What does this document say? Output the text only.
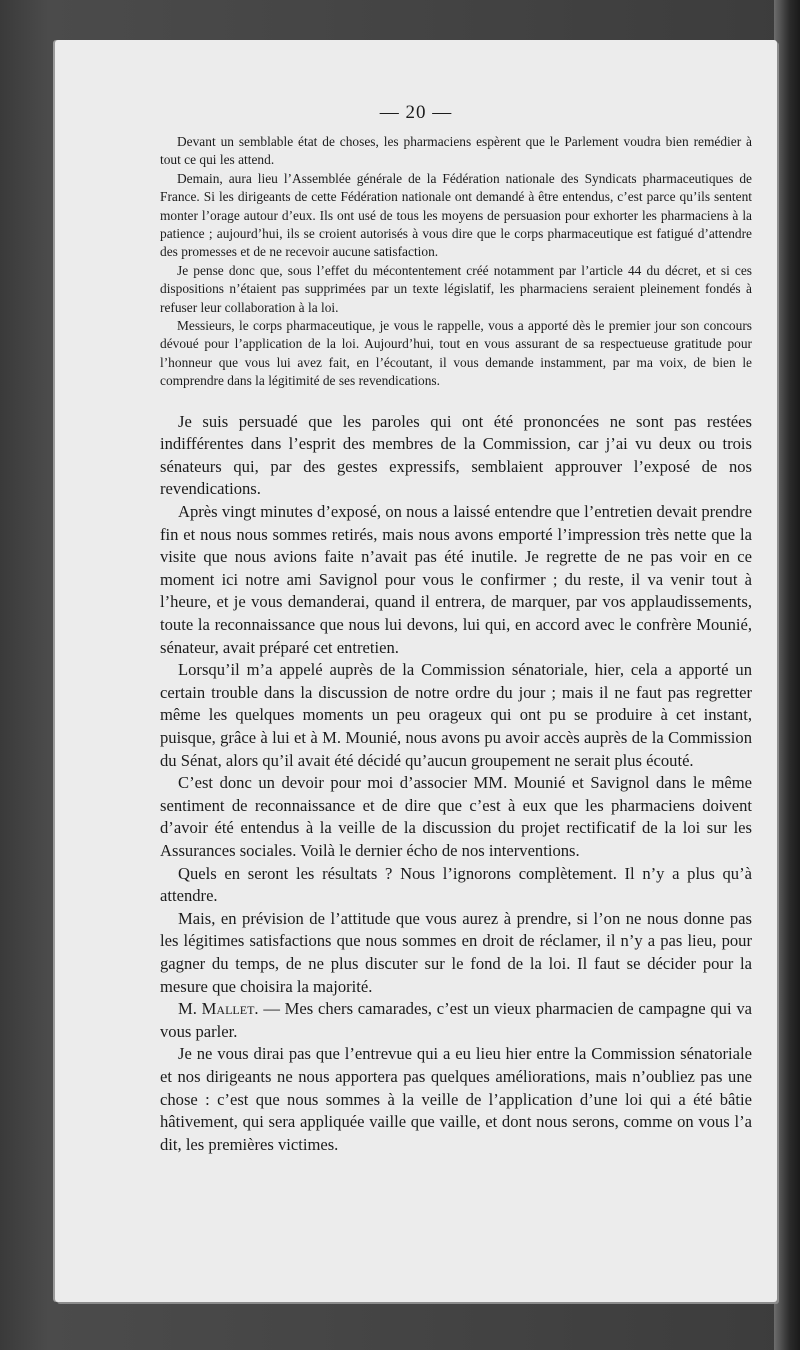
— 20 —

Devant un semblable état de choses, les pharmaciens espèrent que le Parlement voudra bien remédier à tout ce qui les attend.

Demain, aura lieu l’Assemblée générale de la Fédération nationale des Syndicats pharmaceutiques de France. Si les dirigeants de cette Fédération nationale ont demandé à être entendus, c’est parce qu’ils sentent monter l’orage autour d’eux. Ils ont usé de tous les moyens de persuasion pour exhorter les pharmaciens à la patience ; aujourd’hui, ils se croient autorisés à vous dire que le corps pharmaceutique est fatigué d’attendre des promesses et de ne recevoir aucune satisfaction.

Je pense donc que, sous l’effet du mécontentement créé notamment par l’article 44 du décret, et si ces dispositions n’étaient pas supprimées par un texte législatif, les pharmaciens seraient pleinement fondés à refuser leur collaboration à la loi.

Messieurs, le corps pharmaceutique, je vous le rappelle, vous a apporté dès le premier jour son concours dévoué pour l’application de la loi. Aujourd’hui, tout en vous assurant de sa respectueuse gratitude pour l’honneur que vous lui avez fait, en l’écoutant, il vous demande instamment, par ma voix, de bien le comprendre dans la légitimité de ses revendications.

Je suis persuadé que les paroles qui ont été prononcées ne sont pas restées indifférentes dans l’esprit des membres de la Commission, car j’ai vu deux ou trois sénateurs qui, par des gestes expressifs, semblaient approuver l’exposé de nos revendications.

Après vingt minutes d’exposé, on nous a laissé entendre que l’entretien devait prendre fin et nous nous sommes retirés, mais nous avons emporté l’impression très nette que la visite que nous avions faite n’avait pas été inutile. Je regrette de ne pas voir en ce moment ici notre ami Savignol pour vous le confirmer ; du reste, il va venir tout à l’heure, et je vous demanderai, quand il entrera, de marquer, par vos applaudissements, toute la reconnaissance que nous lui devons, lui qui, en accord avec le confrère Mounié, sénateur, avait préparé cet entretien.

Lorsqu’il m’a appelé auprès de la Commission sénatoriale, hier, cela a apporté un certain trouble dans la discussion de notre ordre du jour ; mais il ne faut pas regretter même les quelques moments un peu orageux qui ont pu se produire à cet instant, puisque, grâce à lui et à M. Mounié, nous avons pu avoir accès auprès de la Commission du Sénat, alors qu’il avait été décidé qu’aucun groupement ne serait plus écouté.

C’est donc un devoir pour moi d’associer MM. Mounié et Savignol dans le même sentiment de reconnaissance et de dire que c’est à eux que les pharmaciens doivent d’avoir été entendus à la veille de la discussion du projet rectificatif de la loi sur les Assurances sociales. Voilà le dernier écho de nos interventions.

Quels en seront les résultats ? Nous l’ignorons complètement. Il n’y a plus qu’à attendre.

Mais, en prévision de l’attitude que vous aurez à prendre, si l’on ne nous donne pas les légitimes satisfactions que nous sommes en droit de réclamer, il n’y a pas lieu, pour gagner du temps, de ne plus discuter sur le fond de la loi. Il faut se décider pour la mesure que choisira la majorité.

M. Mallet. — Mes chers camarades, c’est un vieux pharmacien de campagne qui va vous parler.

Je ne vous dirai pas que l’entrevue qui a eu lieu hier entre la Commission sénatoriale et nos dirigeants ne nous apportera pas quelques améliorations, mais n’oubliez pas une chose : c’est que nous sommes à la veille de l’application d’une loi qui a été bâtie hâtivement, qui sera appliquée vaille que vaille, et dont nous serons, comme on vous l’a dit, les premières victimes.
